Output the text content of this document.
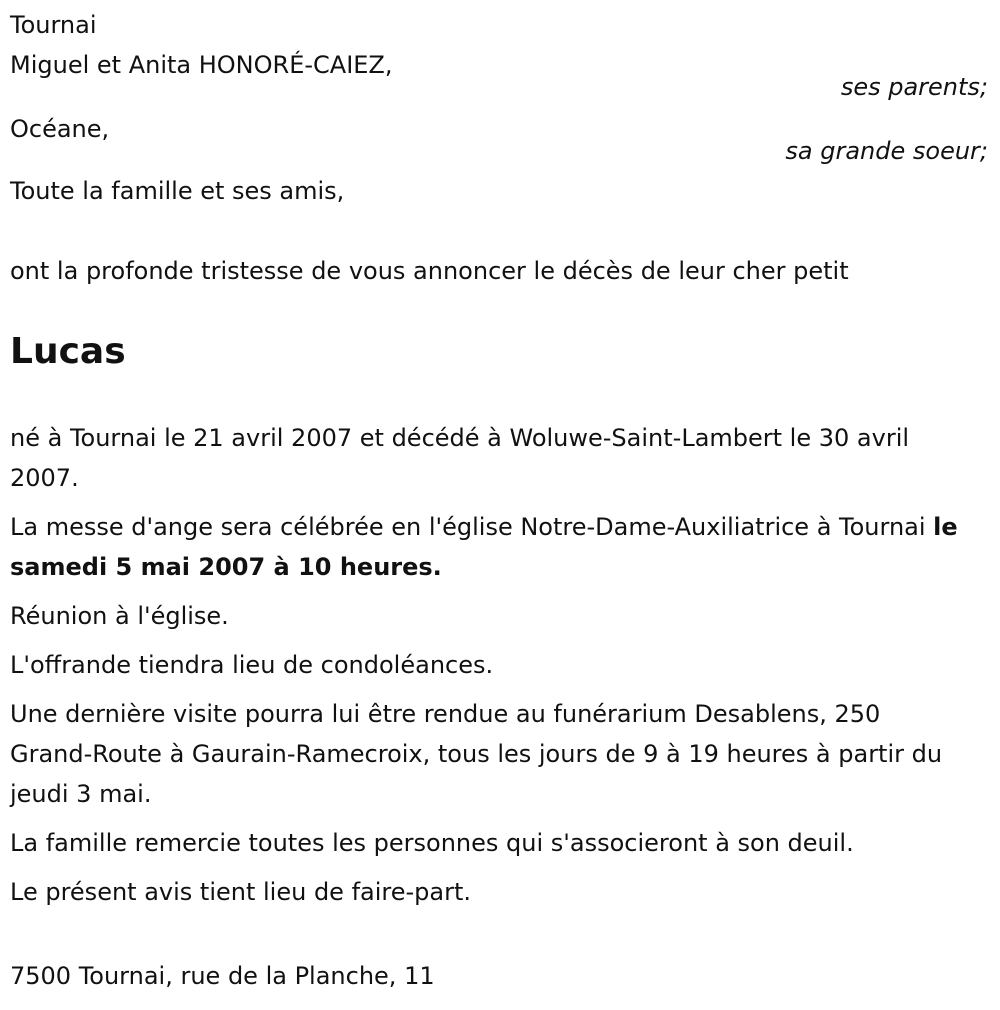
Tournai

Miguel et Anita HONORÉ-CAIEZ,

ses parents;

Océane,

sa grande soeur;

Toute la famille et ses amis,

ont la profonde tristesse de vous annoncer le décès de leur cher petit

Lucas

né à Tournai le 21 avril 2007 et décédé à Woluwe-Saint-Lambert le 30 avril 2007.

La messe d'ange sera célébrée en l'église Notre-Dame-Auxiliatrice à Tournai le samedi 5 mai 2007 à 10 heures.

Réunion à l'église.

L'offrande tiendra lieu de condoléances.

Une dernière visite pourra lui être rendue au funérarium Desablens, 250 Grand-Route à Gaurain-Ramecroix, tous les jours de 9 à 19 heures à partir du jeudi 3 mai.

La famille remercie toutes les personnes qui s'associeront à son deuil.

Le présent avis tient lieu de faire-part.

7500 Tournai, rue de la Planche, 11
